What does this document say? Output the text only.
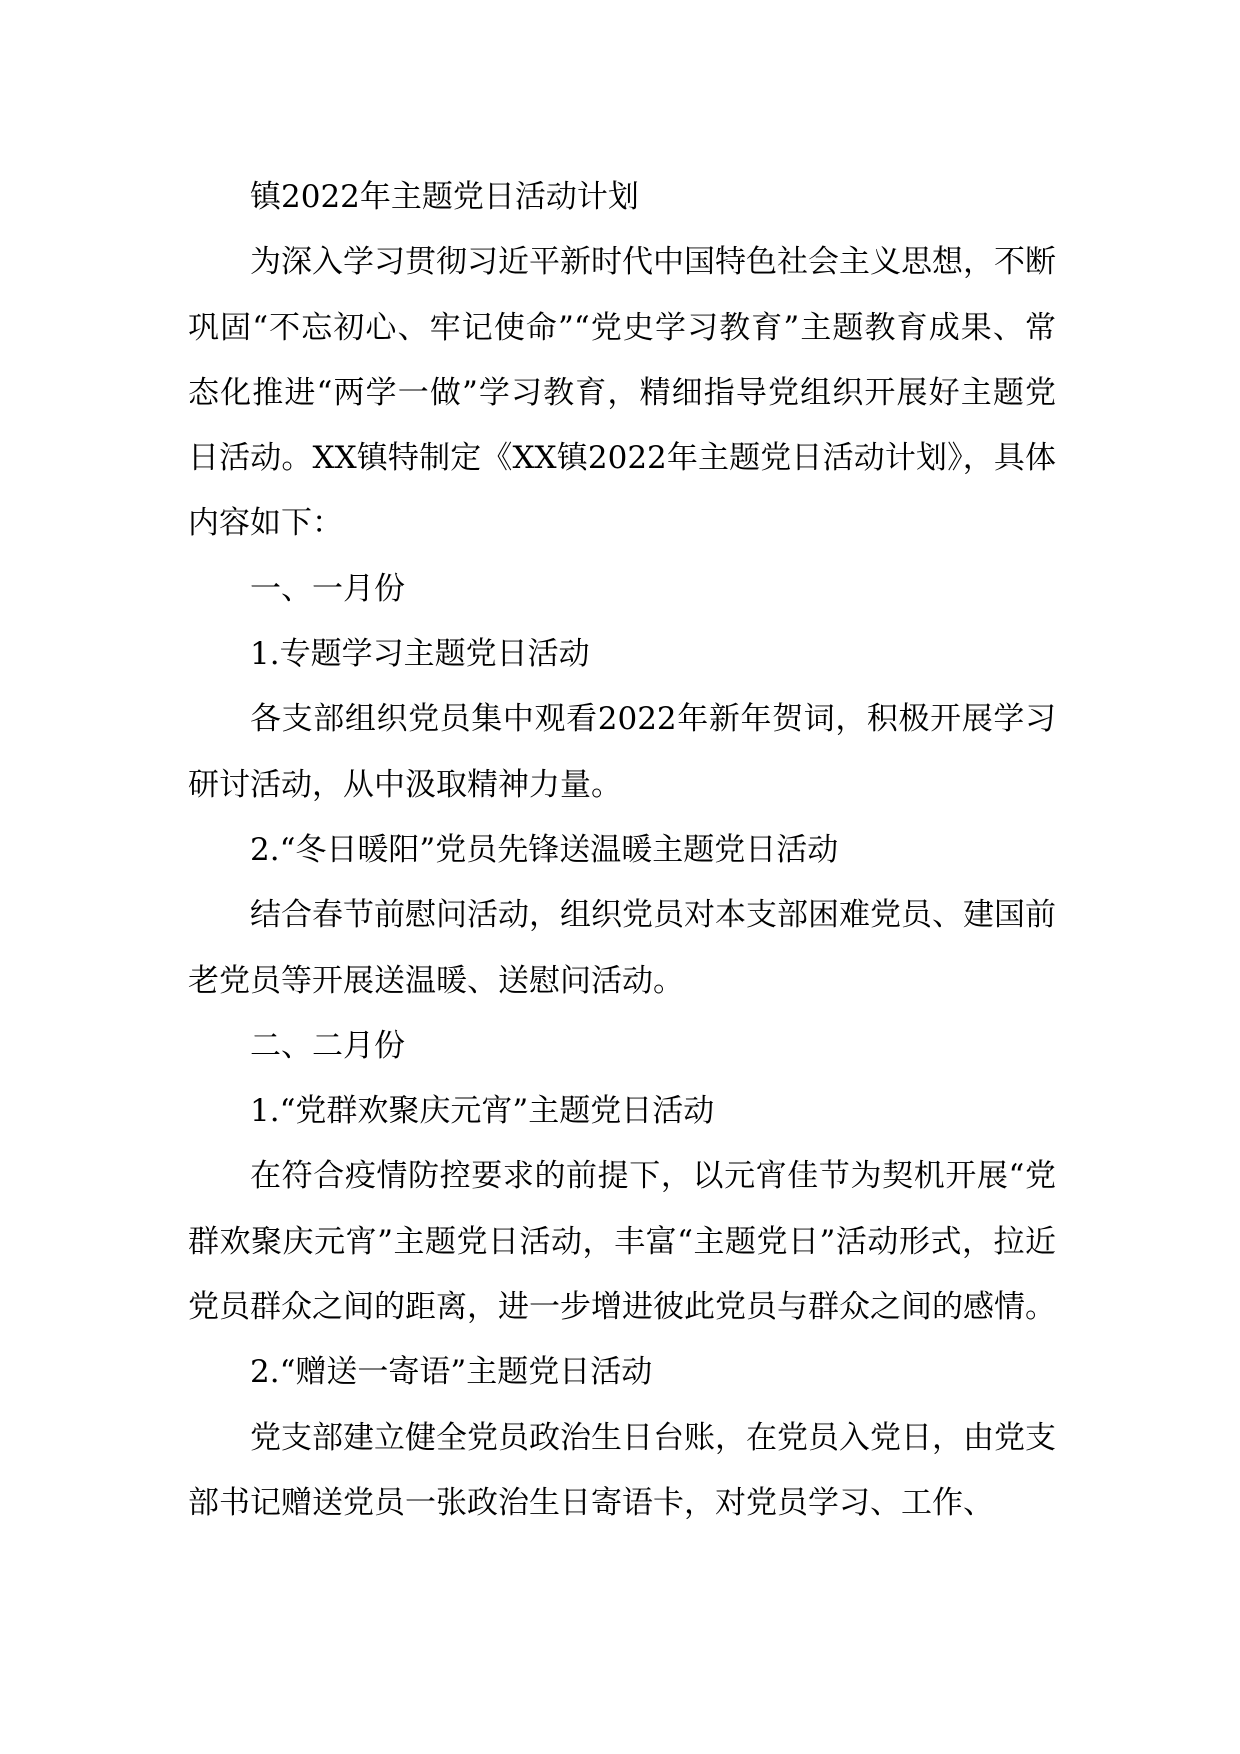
镇2022年主题党日活动计划

为深入学习贯彻习近平新时代中国特色社会主义思想，不断巩固“不忘初心、牢记使命”“党史学习教育”主题教育成果、常态化推进“两学一做”学习教育，精细指导党组织开展好主题党日活动。XX镇特制定《XX镇2022年主题党日活动计划》，具体内容如下：

一、一月份

1.专题学习主题党日活动

各支部组织党员集中观看2022年新年贺词，积极开展学习研讨活动，从中汲取精神力量。

2.“冬日暖阳”党员先锋送温暖主题党日活动

结合春节前慰问活动，组织党员对本支部困难党员、建国前老党员等开展送温暖、送慰问活动。

二、二月份

1.“党群欢聚庆元宵”主题党日活动

在符合疫情防控要求的前提下，以元宵佳节为契机开展“党群欢聚庆元宵”主题党日活动，丰富“主题党日”活动形式，拉近党员群众之间的距离，进一步增进彼此党员与群众之间的感情。

2.“赠送一寄语”主题党日活动

党支部建立健全党员政治生日台账，在党员入党日，由党支部书记赠送党员一张政治生日寄语卡，对党员学习、工作、
